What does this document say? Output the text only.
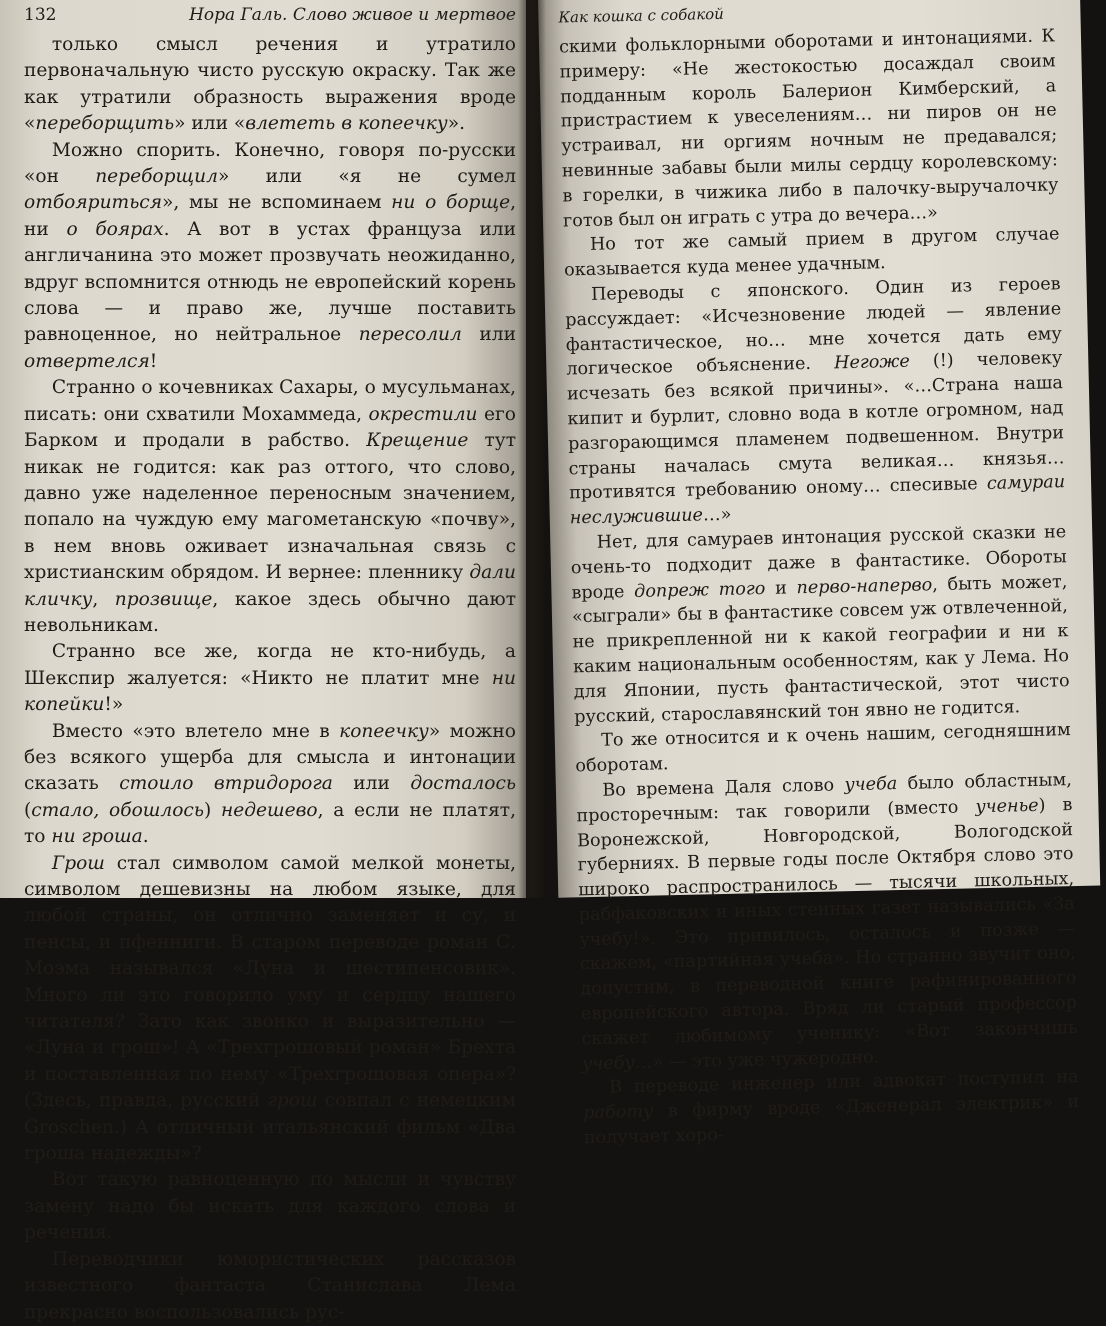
132	Нора Галь. Слово живое и мертвое

только смысл речения и утратило первоначальную чисто русскую окраску. Так же как утратили образность выражения вроде «переборщить» или «влететь в копеечку».

Можно спорить. Конечно, говоря по-русски «он переборщил» или «я не сумел отбояриться», мы не вспоминаем ни о борще, ни о боярах. А вот в устах француза или англичанина это может прозвучать неожиданно, вдруг вспомнится отнюдь не европейский корень слова — и право же, лучше поставить равноценное, но нейтральное пересолил или отвертелся!

Странно о кочевниках Сахары, о мусульманах, писать: они схватили Мохаммеда, окрестили его Барком и продали в рабство. Крещение тут никак не годится: как раз оттого, что слово, давно уже наделенное переносным значением, попало на чуждую ему магометанскую «почву», в нем вновь оживает изначальная связь с христианским обрядом. И вернее: пленнику дали кличку, прозвище, какое здесь обычно дают невольникам.

Странно все же, когда не кто-нибудь, а Шекспир жалуется: «Никто не платит мне ни копейки!»

Вместо «это влетело мне в копеечку» можно без всякого ущерба для смысла и интонации сказать стоило втридорога или досталось (стало, обошлось) недешево, а если не платят, то ни гроша.

Грош стал символом самой мелкой монеты, символом дешевизны на любом языке, для любой страны, он отлично заменяет и су, и пенсы, и пфенниги. В старом переводе роман С. Моэма назывался «Луна и шестипенсовик». Много ли это говорило уму и сердцу нашего читателя? Зато как звонко и выразительно — «Луна и грош»! А «Трехгрошовый роман» Брехта и поставленная по нему «Трехгрошовая опера»? (Здесь, правда, русский грош совпал с немецким Groschen.) А отличный итальянский фильм «Два гроша надежды»?

Вот такую равноценную по мысли и чувству замену надо бы искать для каждого слова и речения.

Переводчики юмористических рассказов известного фантаста Станислава Лема прекрасно воспользовались рус-

Как кошка с собакой

скими фольклорными оборотами и интонациями. К примеру: «Не жестокостью досаждал своим подданным король Балерион Кимберский, а пристрастием к увеселениям… ни пиров он не устраивал, ни оргиям ночным не предавался; невинные забавы были милы сердцу королевскому: в горелки, в чижика либо в палочку-выручалочку готов был он играть с утра до вечера…»

Но тот же самый прием в другом случае оказывается куда менее удачным.

Переводы с японского. Один из героев рассуждает: «Исчезновение людей — явление фантастическое, но… мне хочется дать ему логическое объяснение. Негоже (!) человеку исчезать без всякой причины». «…Страна наша кипит и бурлит, словно вода в котле огромном, над разгорающимся пламенем подвешенном. Внутри страны началась смута великая… князья… противятся требованию оному… спесивые самураи неслужившие…»

Нет, для самураев интонация русской сказки не очень-то подходит даже в фантастике. Обороты вроде допреж того и перво-наперво, быть может, «сыграли» бы в фантастике совсем уж отвлеченной, не прикрепленной ни к какой географии и ни к каким национальным особенностям, как у Лема. Но для Японии, пусть фантастической, этот чисто русский, старославянский тон явно не годится.

То же относится и к очень нашим, сегодняшним оборотам.

Во времена Даля слово учеба было областным, просторечным: так говорили (вместо ученье) в Воронежской, Новгородской, Вологодской губерниях. В первые годы после Октября слово это широко распространилось — тысячи школьных, рабфаковских и иных стенных газет назывались «За учебу!». Это привилось, осталось и позже — скажем, «партийная учеба». Но странно звучит оно, допустим, в переводной книге рафинированного европейского автора. Вряд ли старый профессор скажет любимому ученику: «Вот закончишь учебу…» — это уже чужеродно.

В переводе инженер или адвокат поступил на работу в фирму вроде «Дженерал электрик» и получает хоро-
